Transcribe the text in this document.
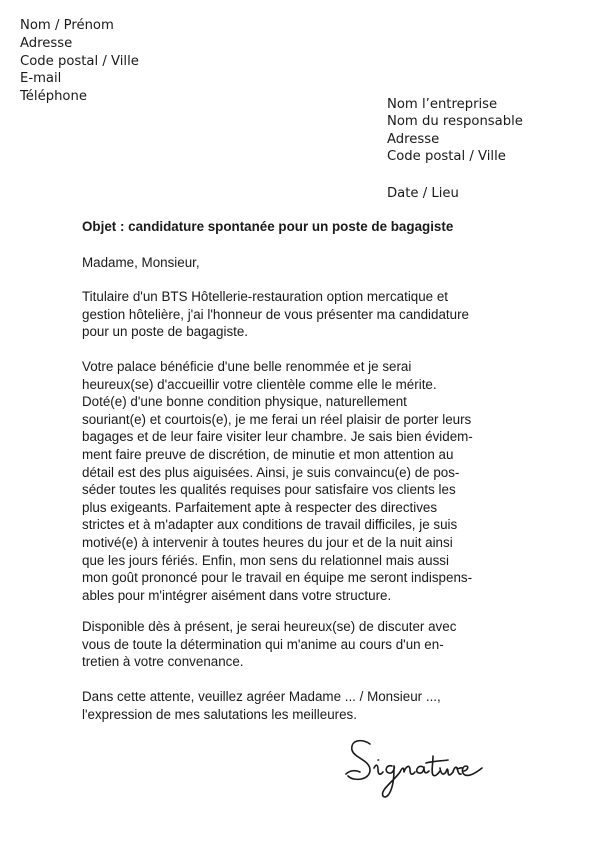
Nom / Prénom
Adresse
Code postal / Ville
E-mail
Téléphone
Nom l’entreprise
Nom du responsable
Adresse
Code postal / Ville
Date / Lieu
Objet : candidature spontanée pour un poste de bagagiste
Madame, Monsieur,
Titulaire d'un BTS Hôtellerie-restauration option mercatique et
gestion hôtelière, j'ai l'honneur de vous présenter ma candidature
pour un poste de bagagiste.
Votre palace bénéficie d'une belle renommée et je serai
heureux(se) d'accueillir votre clientèle comme elle le mérite.
Doté(e) d'une bonne condition physique, naturellement
souriant(e) et courtois(e), je me ferai un réel plaisir de porter leurs
bagages et de leur faire visiter leur chambre. Je sais bien évidem-
ment faire preuve de discrétion, de minutie et mon attention au
détail est des plus aiguisées. Ainsi, je suis convaincu(e) de pos-
séder toutes les qualités requises pour satisfaire vos clients les
plus exigeants. Parfaitement apte à respecter des directives
strictes et à m'adapter aux conditions de travail difficiles, je suis
motivé(e) à intervenir à toutes heures du jour et de la nuit ainsi
que les jours fériés. Enfin, mon sens du relationnel mais aussi
mon goût prononcé pour le travail en équipe me seront indispens-
ables pour m'intégrer aisément dans votre structure.
Disponible dès à présent, je serai heureux(se) de discuter avec
vous de toute la détermination qui m'anime au cours d'un en-
tretien à votre convenance.
Dans cette attente, veuillez agréer Madame ... / Monsieur ...,
l'expression de mes salutations les meilleures.
